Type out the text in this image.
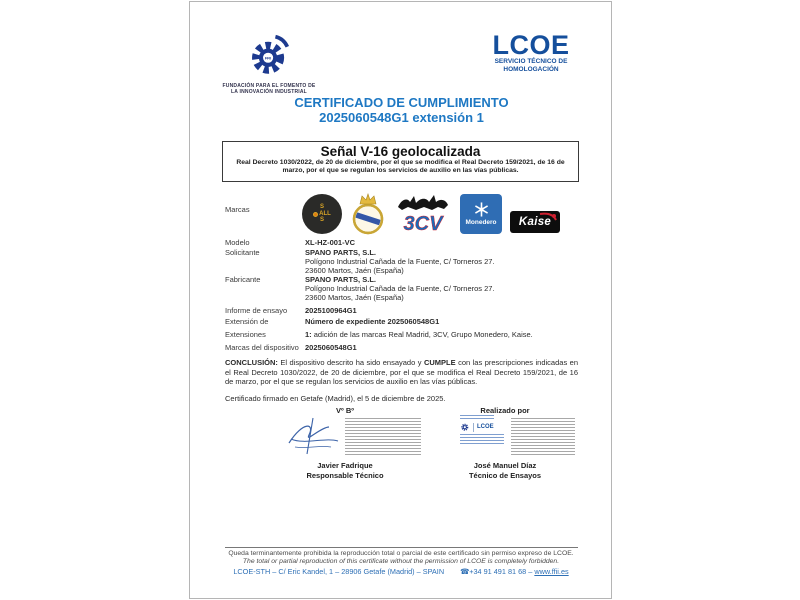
FFII
FUNDACIÓN PARA EL FOMENTO DE
LA INNOVACIÓN INDUSTRIAL
LCOE
SERVICIO TÉCNICO DE
HOMOLOGACIÓN
CERTIFICADO DE CUMPLIMIENTO
2025060548G1 extensión 1
Señal V-16 geolocalizada
Real Decreto 1030/2022, de 20 de diciembre, por el que se modifica el Real Decreto 159/2021, de 16 de marzo, por el que se regulan los servicios de auxilio en las vías públicas.
Marcas	S
ALL
S	3CV	Monedero Kaise
Modelo	XL-HZ-001-VC
Solicitante	SPANO PARTS, S.L.
Polígono Industrial Cañada de la Fuente, C/ Torneros 27.
23600 Martos, Jaén (España)
Fabricante	SPANO PARTS, S.L.
Polígono Industrial Cañada de la Fuente, C/ Torneros 27.
23600 Martos, Jaén (España)
Informe de ensayo 2025100964G1
Extensión de	Número de expediente 2025060548G1
Extensiones	1: adición de las marcas Real Madrid, 3CV, Grupo Monedero, Kaise.
Marcas del dispositivo 2025060548G1
CONCLUSIÓN: El dispositivo descrito ha sido ensayado y CUMPLE con las prescripciones indicadas en el Real Decreto 1030/2022, de 20 de diciembre, por el que se modifica el Real Decreto 159/2021, de 16 de marzo, por el que se regulan los servicios de auxilio en las vías públicas.
Certificado firmado en Getafe (Madrid), el 5 de diciembre de 2025.
Vº Bº	Realizado por
LCOE
Javier Fadrique
Responsable Técnico
José Manuel Díaz
Técnico de Ensayos
Queda terminantemente prohibida la reproducción total o parcial de este certificado sin permiso expreso de LCOE.
The total or partial reproduction of this certificate without the permission of LCOE is completely forbidden.
LCOE-STH – C/ Eric Kandel, 1 – 28906 Getafe (Madrid) – SPAIN ☎+34 91 491 81 68 – www.ffii.es
